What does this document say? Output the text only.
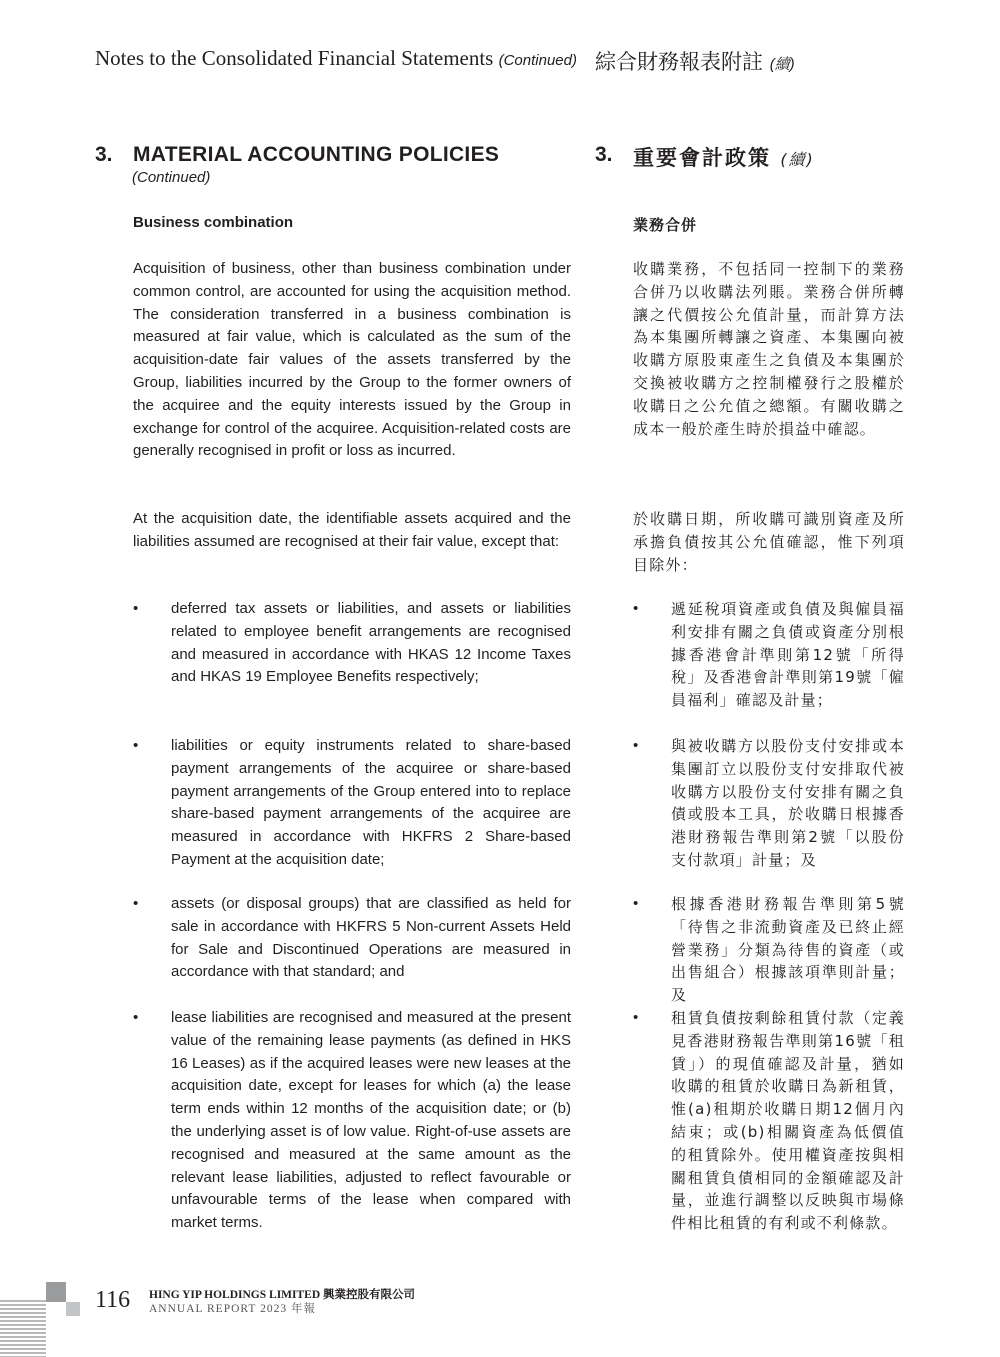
Notes to the Consolidated Financial Statements (Continued) 綜合財務報表附註 (續)
3. MATERIAL ACCOUNTING POLICIES
(Continued)
3. 重要會計政策 (續)
Business combination	業務合併

Acquisition of business, other than business combination under common control, are accounted for using the acquisition method. The consideration transferred in a business combination is measured at fair value, which is calculated as the sum of the acquisition-date fair values of the assets transferred by the Group, liabilities incurred by the Group to the former owners of the acquiree and the equity interests issued by the Group in exchange for control of the acquiree. Acquisition-related costs are generally recognised in profit or loss as incurred.

At the acquisition date, the identifiable assets acquired and the liabilities assumed are recognised at their fair value, except that:

收購業務，不包括同一控制下的業務合併乃以收購法列賬。業務合併所轉讓之代價按公允值計量，而計算方法為本集團所轉讓之資產、本集團向被收購方原股東產生之負債及本集團於交換被收購方之控制權發行之股權於收購日之公允值之總額。有關收購之成本一般於產生時於損益中確認。

於收購日期，所收購可識別資產及所承擔負債按其公允值確認，惟下列項目除外：

• deferred tax assets or liabilities, and assets or liabilities related to employee benefit arrangements are recognised and measured in accordance with HKAS 12 Income Taxes and HKAS 19 Employee Benefits respectively;

• liabilities or equity instruments related to share-based payment arrangements of the acquiree or share-based payment arrangements of the Group entered into to replace share-based payment arrangements of the acquiree are measured in accordance with HKFRS 2 Share-based Payment at the acquisition date;

• assets (or disposal groups) that are classified as held for sale in accordance with HKFRS 5 Non-current Assets Held for Sale and Discontinued Operations are measured in accordance with that standard; and

• lease liabilities are recognised and measured at the present value of the remaining lease payments (as defined in HKS 16 Leases) as if the acquired leases were new leases at the acquisition date, except for leases for which (a) the lease term ends within 12 months of the acquisition date; or (b) the underlying asset is of low value. Right-of-use assets are recognised and measured at the same amount as the relevant lease liabilities, adjusted to reflect favourable or unfavourable terms of the lease when compared with market terms.

• 遞延稅項資產或負債及與僱員福利安排有關之負債或資產分別根據香港會計準則第12號「所得稅」及香港會計準則第19號「僱員福利」確認及計量；

• 與被收購方以股份支付安排或本集團訂立以股份支付安排取代被收購方以股份支付安排有關之負債或股本工具，於收購日根據香港財務報告準則第2號「以股份支付款項」計量；及

• 根據香港財務報告準則第5號「待售之非流動資產及已終止經營業務」分類為待售的資產（或出售組合）根據該項準則計量；及

• 租賃負債按剩餘租賃付款（定義見香港財務報告準則第16號「租賃」）的現值確認及計量，猶如收購的租賃於收購日為新租賃，惟(a)租期於收購日期12個月內結束；或(b)相關資產為低價值的租賃除外。使用權資產按與相關租賃負債相同的金額確認及計量，並進行調整以反映與市場條件相比租賃的有利或不利條款。

116 HING YIP HOLDINGS LIMITED 興業控股有限公司
ANNUAL REPORT 2023 年報
